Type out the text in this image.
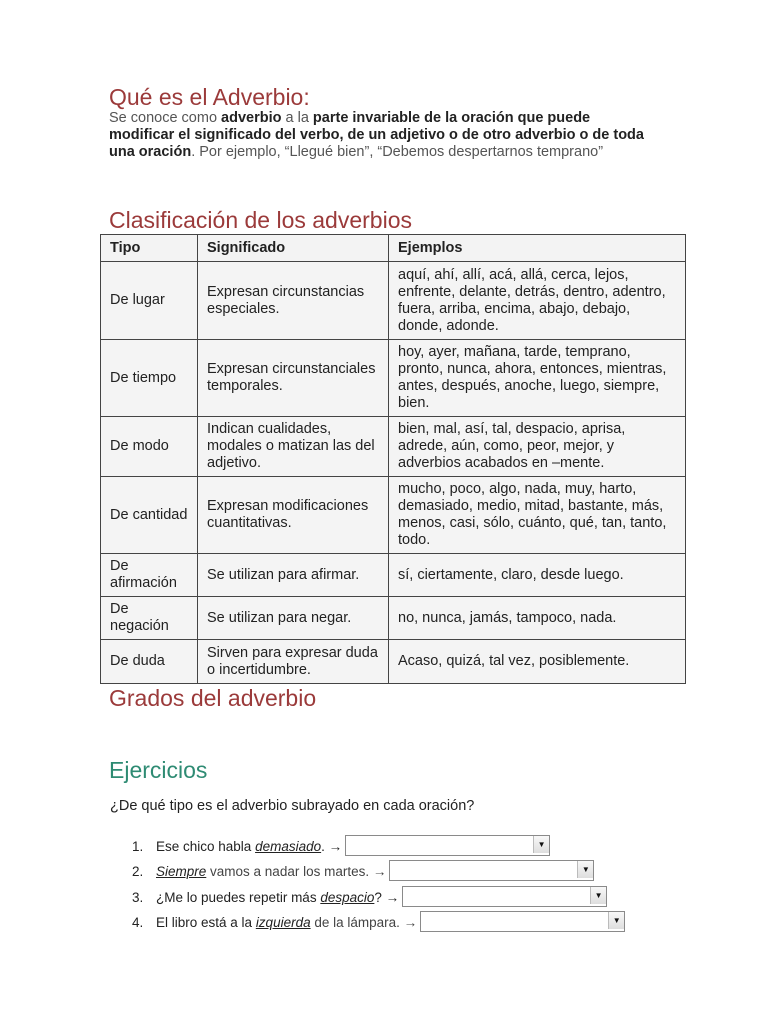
Qué es el Adverbio:
Se conoce como adverbio a la parte invariable de la oración que puede modificar el significado del verbo, de un adjetivo o de otro adverbio o de toda una oración. Por ejemplo, “Llegué bien”, “Debemos despertarnos temprano”
Clasificación de los adverbios
Tipo	Significado	Ejemplos
De lugar	Expresan circunstancias especiales.	aquí, ahí, allí, acá, allá, cerca, lejos, enfrente, delante, detrás, dentro, adentro, fuera, arriba, encima, abajo, debajo, donde, adonde.
De tiempo	Expresan circunstanciales temporales.	hoy, ayer, mañana, tarde, temprano, pronto, nunca, ahora, entonces, mientras, antes, después, anoche, luego, siempre, bien.
De modo	Indican cualidades, modales o matizan las del adjetivo.	bien, mal, así, tal, despacio, aprisa, adrede, aún, como, peor, mejor, y adverbios acabados en –mente.
De cantidad	Expresan modificaciones cuantitativas.	mucho, poco, algo, nada, muy, harto, demasiado, medio, mitad, bastante, más, menos, casi, sólo, cuánto, qué, tan, tanto, todo.
De afirmación	Se utilizan para afirmar.	sí, ciertamente, claro, desde luego.
De negación	Se utilizan para negar.	no, nunca, jamás, tampoco, nada.
De duda	Sirven para expresar duda o incertidumbre.	Acaso, quizá, tal vez, posiblemente.
Grados del adverbio
Ejercicios
¿De qué tipo es el adverbio subrayado en cada oración?
1. Ese chico habla demasiado . →	▼
2. Siempre vamos a nadar los martes. →	▼
3. ¿Me lo puedes repetir más despacio ? →	▼
4. El libro está a la izquierda de la lámpara. →	▼
